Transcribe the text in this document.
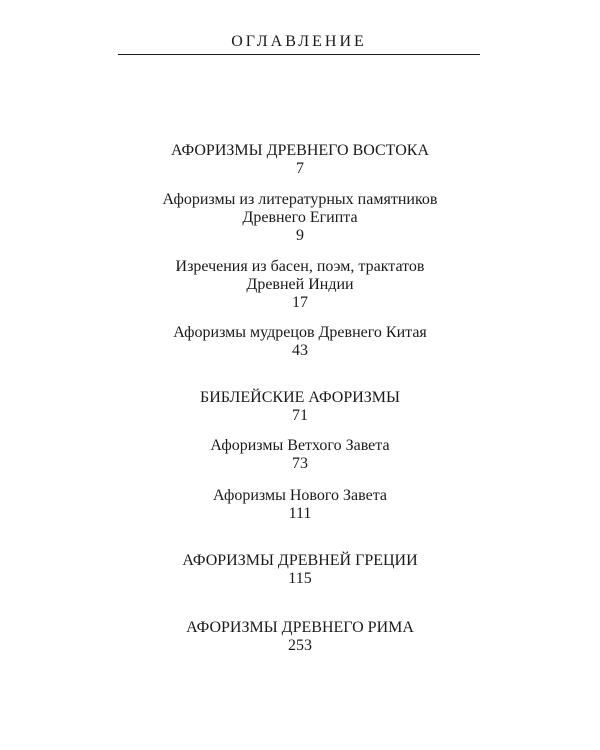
ОГЛАВЛЕНИЕ
АФОРИЗМЫ ДРЕВНЕГО ВОСТОКА
7
Афоризмы из литературных памятников
Древнего Египта
9
Изречения из басен, поэм, трактатов
Древней Индии
17
Афоризмы мудрецов Древнего Китая
43
БИБЛЕЙСКИЕ АФОРИЗМЫ
71
Афоризмы Ветхого Завета
73
Афоризмы Нового Завета
111
АФОРИЗМЫ ДРЕВНЕЙ ГРЕЦИИ
115
АФОРИЗМЫ ДРЕВНЕГО РИМА
253
